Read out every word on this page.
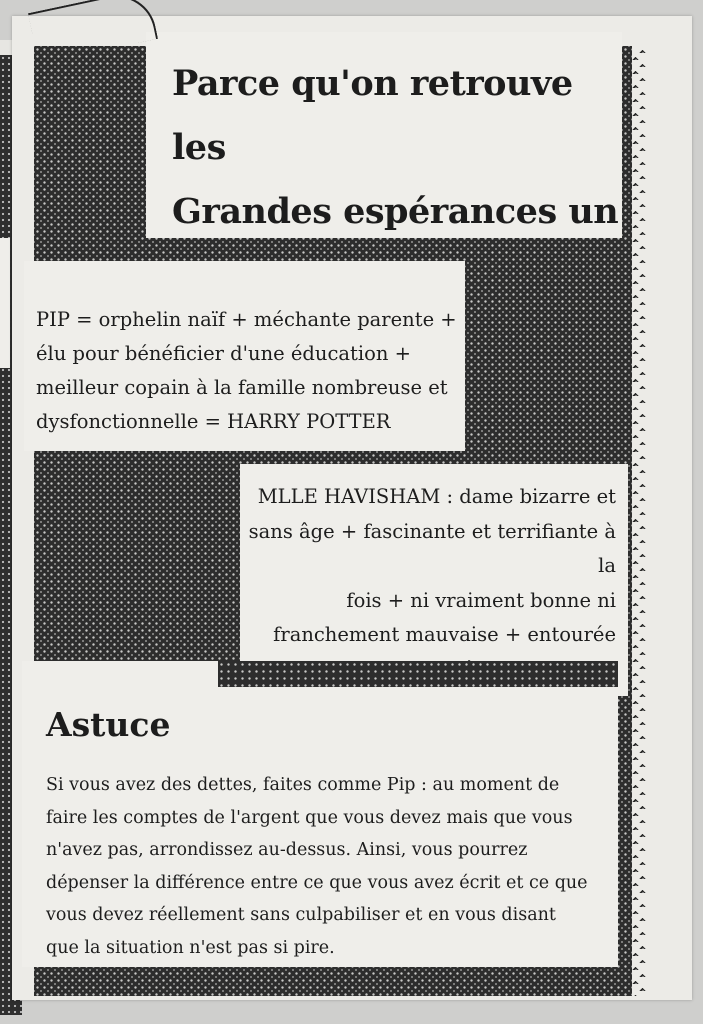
Parce qu'on retrouve les
Grandes espérances un

PIP = orphelin naïf + méchante parente +
élu pour bénéficier d'une éducation +
meilleur copain à la famille nombreuse et
dysfonctionnelle = HARRY POTTER

MLLE HAVISHAM : dame bizarre et
sans âge + fascinante et terrifiante à la
fois + ni vraiment bonne ni
franchement mauvaise + entourée

Astuce

Si vous avez des dettes, faites comme Pip : au moment de
faire les comptes de l'argent que vous devez mais que vous
n'avez pas, arrondissez au-dessus. Ainsi, vous pourrez
dépenser la différence entre ce que vous avez écrit et ce que
vous devez réellement sans culpabiliser et en vous disant
que la situation n'est pas si pire.
